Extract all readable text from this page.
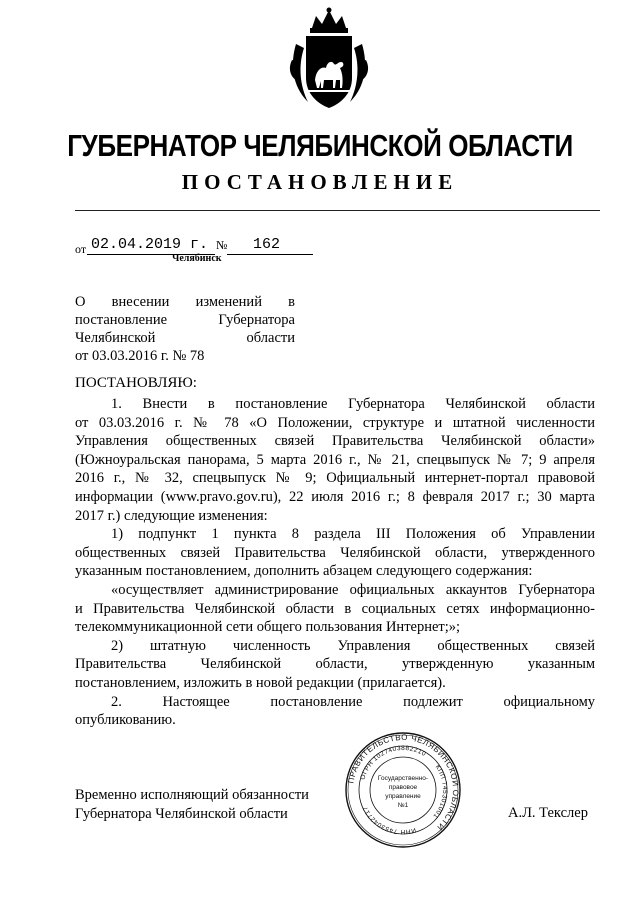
ГУБЕРНАТОР ЧЕЛЯБИНСКОЙ ОБЛАСТИ
ПОСТАНОВЛЕНИЕ
от 02.04.2019 г. № 162
Челябинск
О внесении изменений в
постановление Губернатора
Челябинской области
от 03.03.2016 г. № 78
ПОСТАНОВЛЯЮ:
1. Внести в постановление Губернатора Челябинской области
от 03.03.2016 г. № 78 «О Положении, структуре и штатной численности
Управления общественных связей Правительства Челябинской области»
(Южноуральская панорама, 5 марта 2016 г., № 21, спецвыпуск № 7; 9 апреля
2016 г., № 32, спецвыпуск № 9; Официальный интернет-портал правовой
информации (www.pravo.gov.ru), 22 июля 2016 г.; 8 февраля 2017 г.; 30 марта
2017 г.) следующие изменения:
1) подпункт 1 пункта 8 раздела III Положения об Управлении
общественных связей Правительства Челябинской области, утвержденного
указанным постановлением, дополнить абзацем следующего содержания:
«осуществляет администрирование официальных аккаунтов Губернатора
и Правительства Челябинской области в социальных сетях информационно-
телекоммуникационной сети общего пользования Интернет;»;
2) штатную численность Управления общественных связей
Правительства Челябинской области, утвержденную указанным
постановлением, изложить в новой редакции (прилагается).
2. Настоящее постановление подлежит официальному
опубликованию.
Временно исполняющий обязанности
Губернатора Челябинской области	А.Л. Текслер
ПРАВИТЕЛЬСТВО ЧЕЛЯБИНСКОЙ ОБЛАСТИ
ОГРН 1027403882210
КПП 745301001
ИНН 7453042717
Государственно-
правовое
управление
№1
